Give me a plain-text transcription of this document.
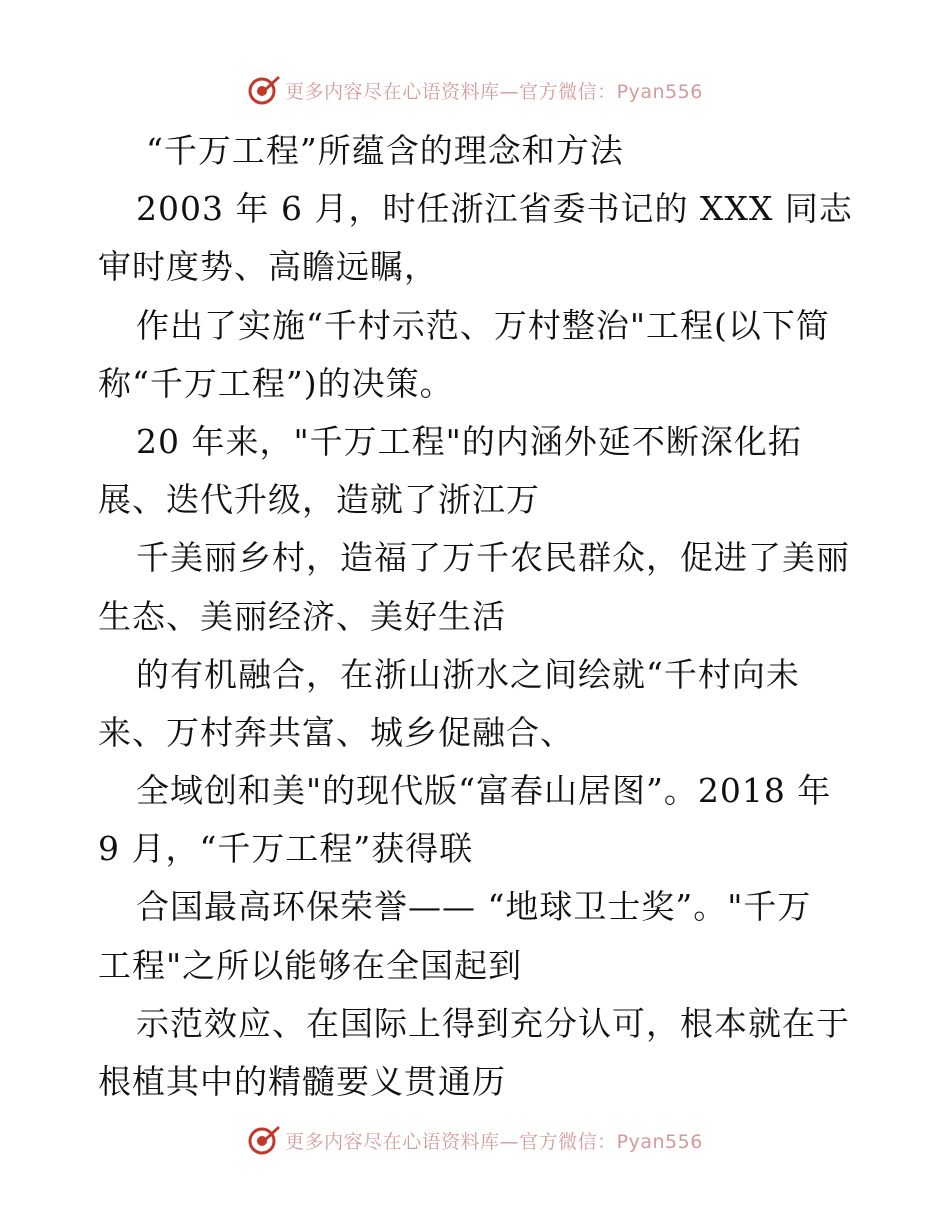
更多内容尽在心语资料库—官方微信：Pyan556
“千万工程”所蕴含的理念和方法
2003 年 6 月，时任浙江省委书记的 XXX 同志
审时度势、高瞻远瞩，
作出了实施“千村示范、万村整治"工程(以下简
称“千万工程”)的决策。
20 年来，"千万工程"的内涵外延不断深化拓
展、迭代升级，造就了浙江万
千美丽乡村，造福了万千农民群众，促进了美丽
生态、美丽经济、美好生活
的有机融合，在浙山浙水之间绘就“千村向未
来、万村奔共富、城乡促融合、
全域创和美"的现代版“富春山居图”。2018 年
9 月，“千万工程”获得联
合国最高环保荣誉—— “地球卫士奖”。"千万
工程"之所以能够在全国起到
示范效应、在国际上得到充分认可，根本就在于
根植其中的精髓要义贯通历
更多内容尽在心语资料库—官方微信：Pyan556
